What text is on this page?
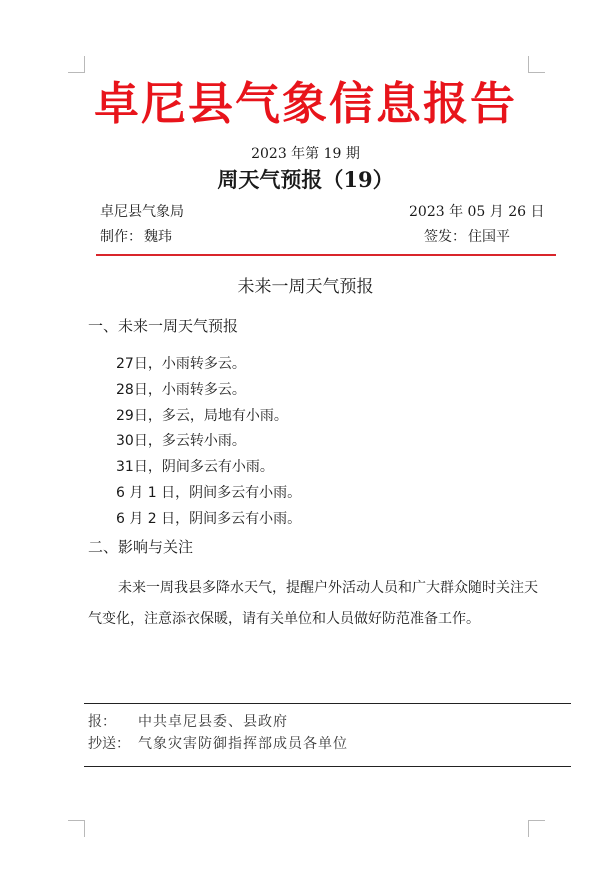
卓尼县气象信息报告
2023 年第 19 期
周天气预报（19）
卓尼县气象局	2023 年 05 月 26 日
制作： 魏玮	签发： 住国平
未来一周天气预报
一、未来一周天气预报
27日，小雨转多云。
28日，小雨转多云。
29日，多云，局地有小雨。
30日，多云转小雨。
31日，阴间多云有小雨。
6 月 1 日，阴间多云有小雨。
6 月 2 日，阴间多云有小雨。
二、影响与关注
未来一周我县多降水天气，提醒户外活动人员和广大群众随时关注天气变化，注意添衣保暖，请有关单位和人员做好防范准备工作。
报： 中共卓尼县委、县政府
抄送： 气象灾害防御指挥部成员各单位
